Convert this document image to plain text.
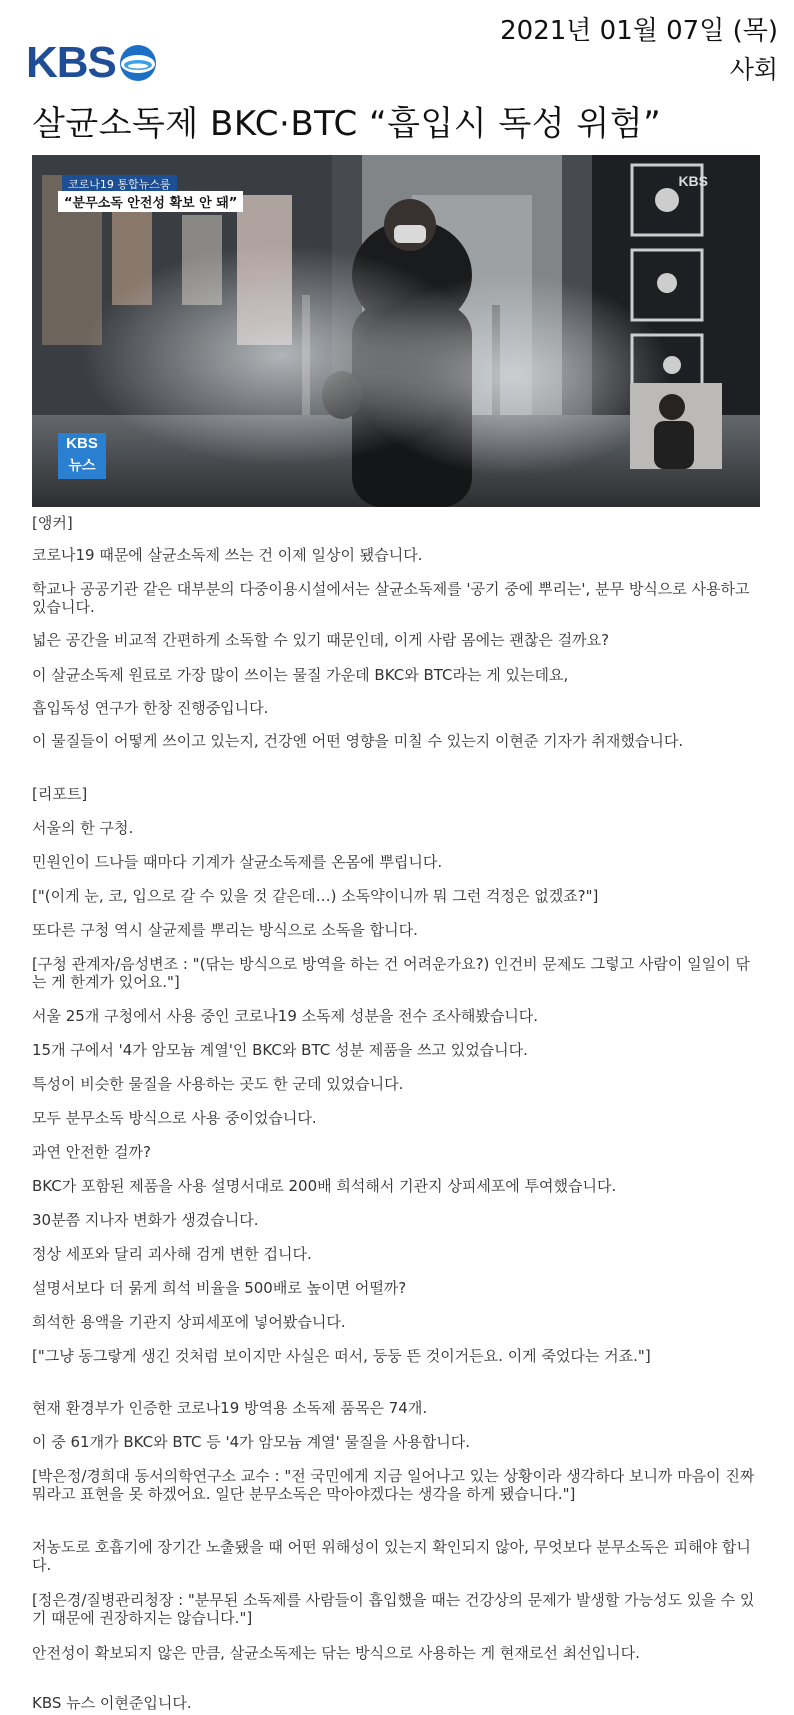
2021년 01월 07일 (목)
사회
KBS
살균소독제 BKC·BTC “흡입시 독성 위험”
코로나19 통합뉴스룸
“분무소독 안전성 확보 안 돼”
KBS
KBS
뉴스

[앵커]

코로나19 때문에 살균소독제 쓰는 건 이제 일상이 됐습니다.

학교나 공공기관 같은 대부분의 다중이용시설에서는 살균소독제를 '공기 중에 뿌리는', 분무 방식으로 사용하고 있습니다.

넓은 공간을 비교적 간편하게 소독할 수 있기 때문인데, 이게 사람 몸에는 괜찮은 걸까요?

이 살균소독제 원료로 가장 많이 쓰이는 물질 가운데 BKC와 BTC라는 게 있는데요,

흡입독성 연구가 한창 진행중입니다.

이 물질들이 어떻게 쓰이고 있는지, 건강엔 어떤 영향을 미칠 수 있는지 이현준 기자가 취재했습니다.

[리포트]

서울의 한 구청.

민원인이 드나들 때마다 기계가 살균소독제를 온몸에 뿌립니다.

["(이게 눈, 코, 입으로 갈 수 있을 것 같은데…) 소독약이니까 뭐 그런 걱정은 없겠죠?"]

또다른 구청 역시 살균제를 뿌리는 방식으로 소독을 합니다.

[구청 관계자/음성변조 : "(닦는 방식으로 방역을 하는 건 어려운가요?) 인건비 문제도 그렇고 사람이 일일이 닦는 게 한계가 있어요."]

서울 25개 구청에서 사용 중인 코로나19 소독제 성분을 전수 조사해봤습니다.

15개 구에서 '4가 암모늄 계열'인 BKC와 BTC 성분 제품을 쓰고 있었습니다.

특성이 비슷한 물질을 사용하는 곳도 한 군데 있었습니다.

모두 분무소독 방식으로 사용 중이었습니다.

과연 안전한 걸까?

BKC가 포함된 제품을 사용 설명서대로 200배 희석해서 기관지 상피세포에 투여했습니다.

30분쯤 지나자 변화가 생겼습니다.

정상 세포와 달리 괴사해 검게 변한 겁니다.

설명서보다 더 묽게 희석 비율을 500배로 높이면 어떨까?

희석한 용액을 기관지 상피세포에 넣어봤습니다.

["그냥 동그랗게 생긴 것처럼 보이지만 사실은 떠서, 둥둥 뜬 것이거든요. 이게 죽었다는 거죠."]

현재 환경부가 인증한 코로나19 방역용 소독제 품목은 74개.

이 중 61개가 BKC와 BTC 등 '4가 암모늄 계열' 물질을 사용합니다.

[박은정/경희대 동서의학연구소 교수 : "전 국민에게 지금 일어나고 있는 상황이라 생각하다 보니까 마음이 진짜 뭐라고 표현을 못 하겠어요. 일단 분무소독은 막아야겠다는 생각을 하게 됐습니다."]

저농도로 호흡기에 장기간 노출됐을 때 어떤 위해성이 있는지 확인되지 않아, 무엇보다 분무소독은 피해야 합니다.

[정은경/질병관리청장 : "분무된 소독제를 사람들이 흡입했을 때는 건강상의 문제가 발생할 가능성도 있을 수 있기 때문에 권장하지는 않습니다."]

안전성이 확보되지 않은 만큼, 살균소독제는 닦는 방식으로 사용하는 게 현재로선 최선입니다.

KBS 뉴스 이현준입니다.
